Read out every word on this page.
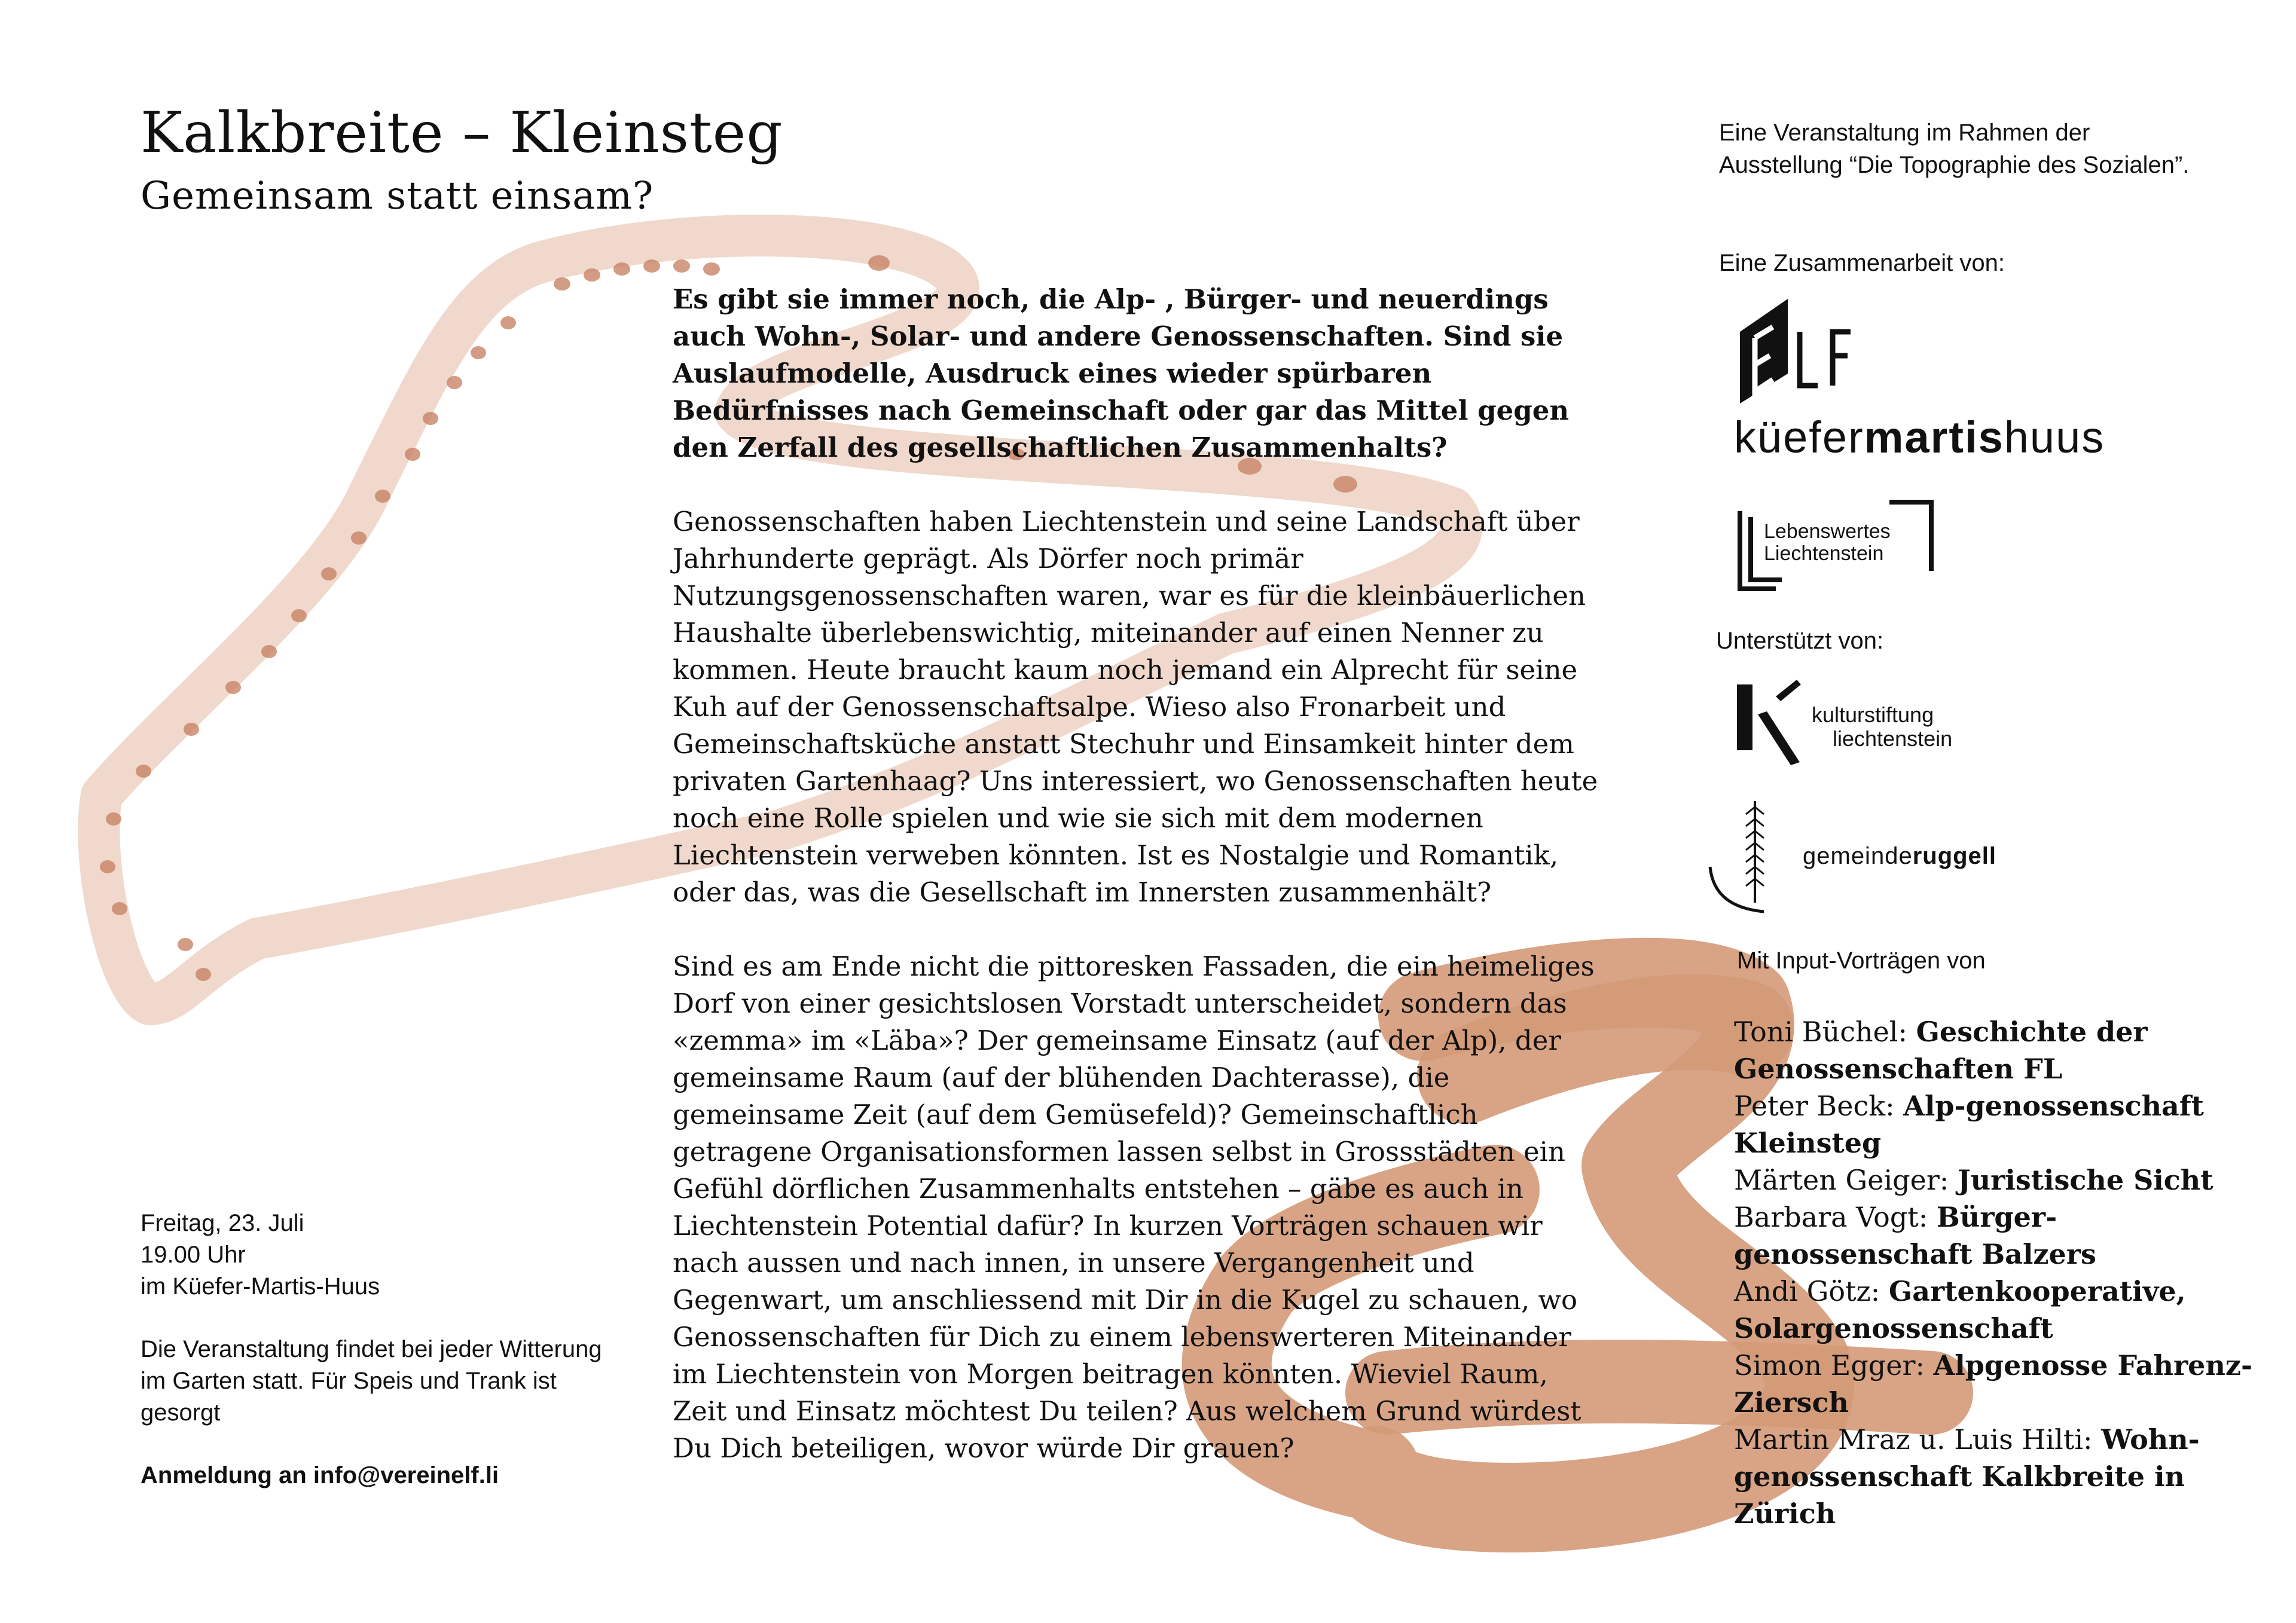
Kalkbreite – Kleinsteg
Gemeinsam statt einsam?

Es gibt sie immer noch, die Alp- , Bürger- und neuerdings auch Wohn-, Solar- und andere Genossenschaften. Sind sie Auslaufmodelle, Ausdruck eines wieder spürbaren Bedürfnisses nach Gemeinschaft oder gar das Mittel gegen den Zerfall des gesellschaftlichen Zusammenhalts?

Genossenschaften haben Liechtenstein und seine Landschaft über Jahrhunderte geprägt. Als Dörfer noch primär Nutzungsgenossenschaften waren, war es für die kleinbäuerlichen Haushalte überlebenswichtig, miteinander auf einen Nenner zu kommen. Heute braucht kaum noch jemand ein Alprecht für seine Kuh auf der Genossenschaftsalpe. Wieso also Fronarbeit und Gemeinschaftsküche anstatt Stechuhr und Einsamkeit hinter dem privaten Gartenhaag? Uns interessiert, wo Genossenschaften heute noch eine Rolle spielen und wie sie sich mit dem modernen Liechtenstein verweben könnten. Ist es Nostalgie und Romantik, oder das, was die Gesellschaft im Innersten zusammenhält?

Sind es am Ende nicht die pittoresken Fassaden, die ein heimeliges Dorf von einer gesichtslosen Vorstadt unterscheidet, sondern das «zemma» im «Läba»? Der gemeinsame Einsatz (auf der Alp), der gemeinsame Raum (auf der blühenden Dachterasse), die gemeinsame Zeit (auf dem Gemüsefeld)? Gemeinschaftlich getragene Organisationsformen lassen selbst in Grossstädten ein Gefühl dörflichen Zusammenhalts entstehen – gäbe es auch in Liechtenstein Potential dafür? In kurzen Vorträgen schauen wir nach aussen und nach innen, in unsere Vergangenheit und Gegenwart, um anschliessend mit Dir in die Kugel zu schauen, wo Genossenschaften für Dich zu einem lebenswerteren Miteinander im Liechtenstein von Morgen beitragen könnten. Wieviel Raum, Zeit und Einsatz möchtest Du teilen? Aus welchem Grund würdest Du Dich beteiligen, wovor würde Dir grauen?

Freitag, 23. Juli

19.00 Uhr

im Küefer-Martis-Huus

Die Veranstaltung findet bei jeder Witterung im Garten statt. Für Speis und Trank ist gesorgt

Anmeldung an info@vereinelf.li

Eine Veranstaltung im Rahmen der Ausstellung “Die Topographie des Sozialen”.

Eine Zusammenarbeit von:
küefermartishuus
Lebenswertes
Liechtenstein
Unterstützt von:
kulturstiftung
liechtenstein
gemeinderuggell
Mit Input-Vorträgen von

Toni Büchel: Geschichte der Genossenschaften FL

Peter Beck: Alp-genossenschaft Kleinsteg

Märten Geiger: Juristische Sicht

Barbara Vogt: Bürger-genossenschaft Balzers

Andi Götz: Gartenkooperative, Solargenossenschaft

Simon Egger: Alpgenosse Fahrenz-Ziersch

Martin Mraz u. Luis Hilti: Wohn-genossenschaft Kalkbreite in Zürich
